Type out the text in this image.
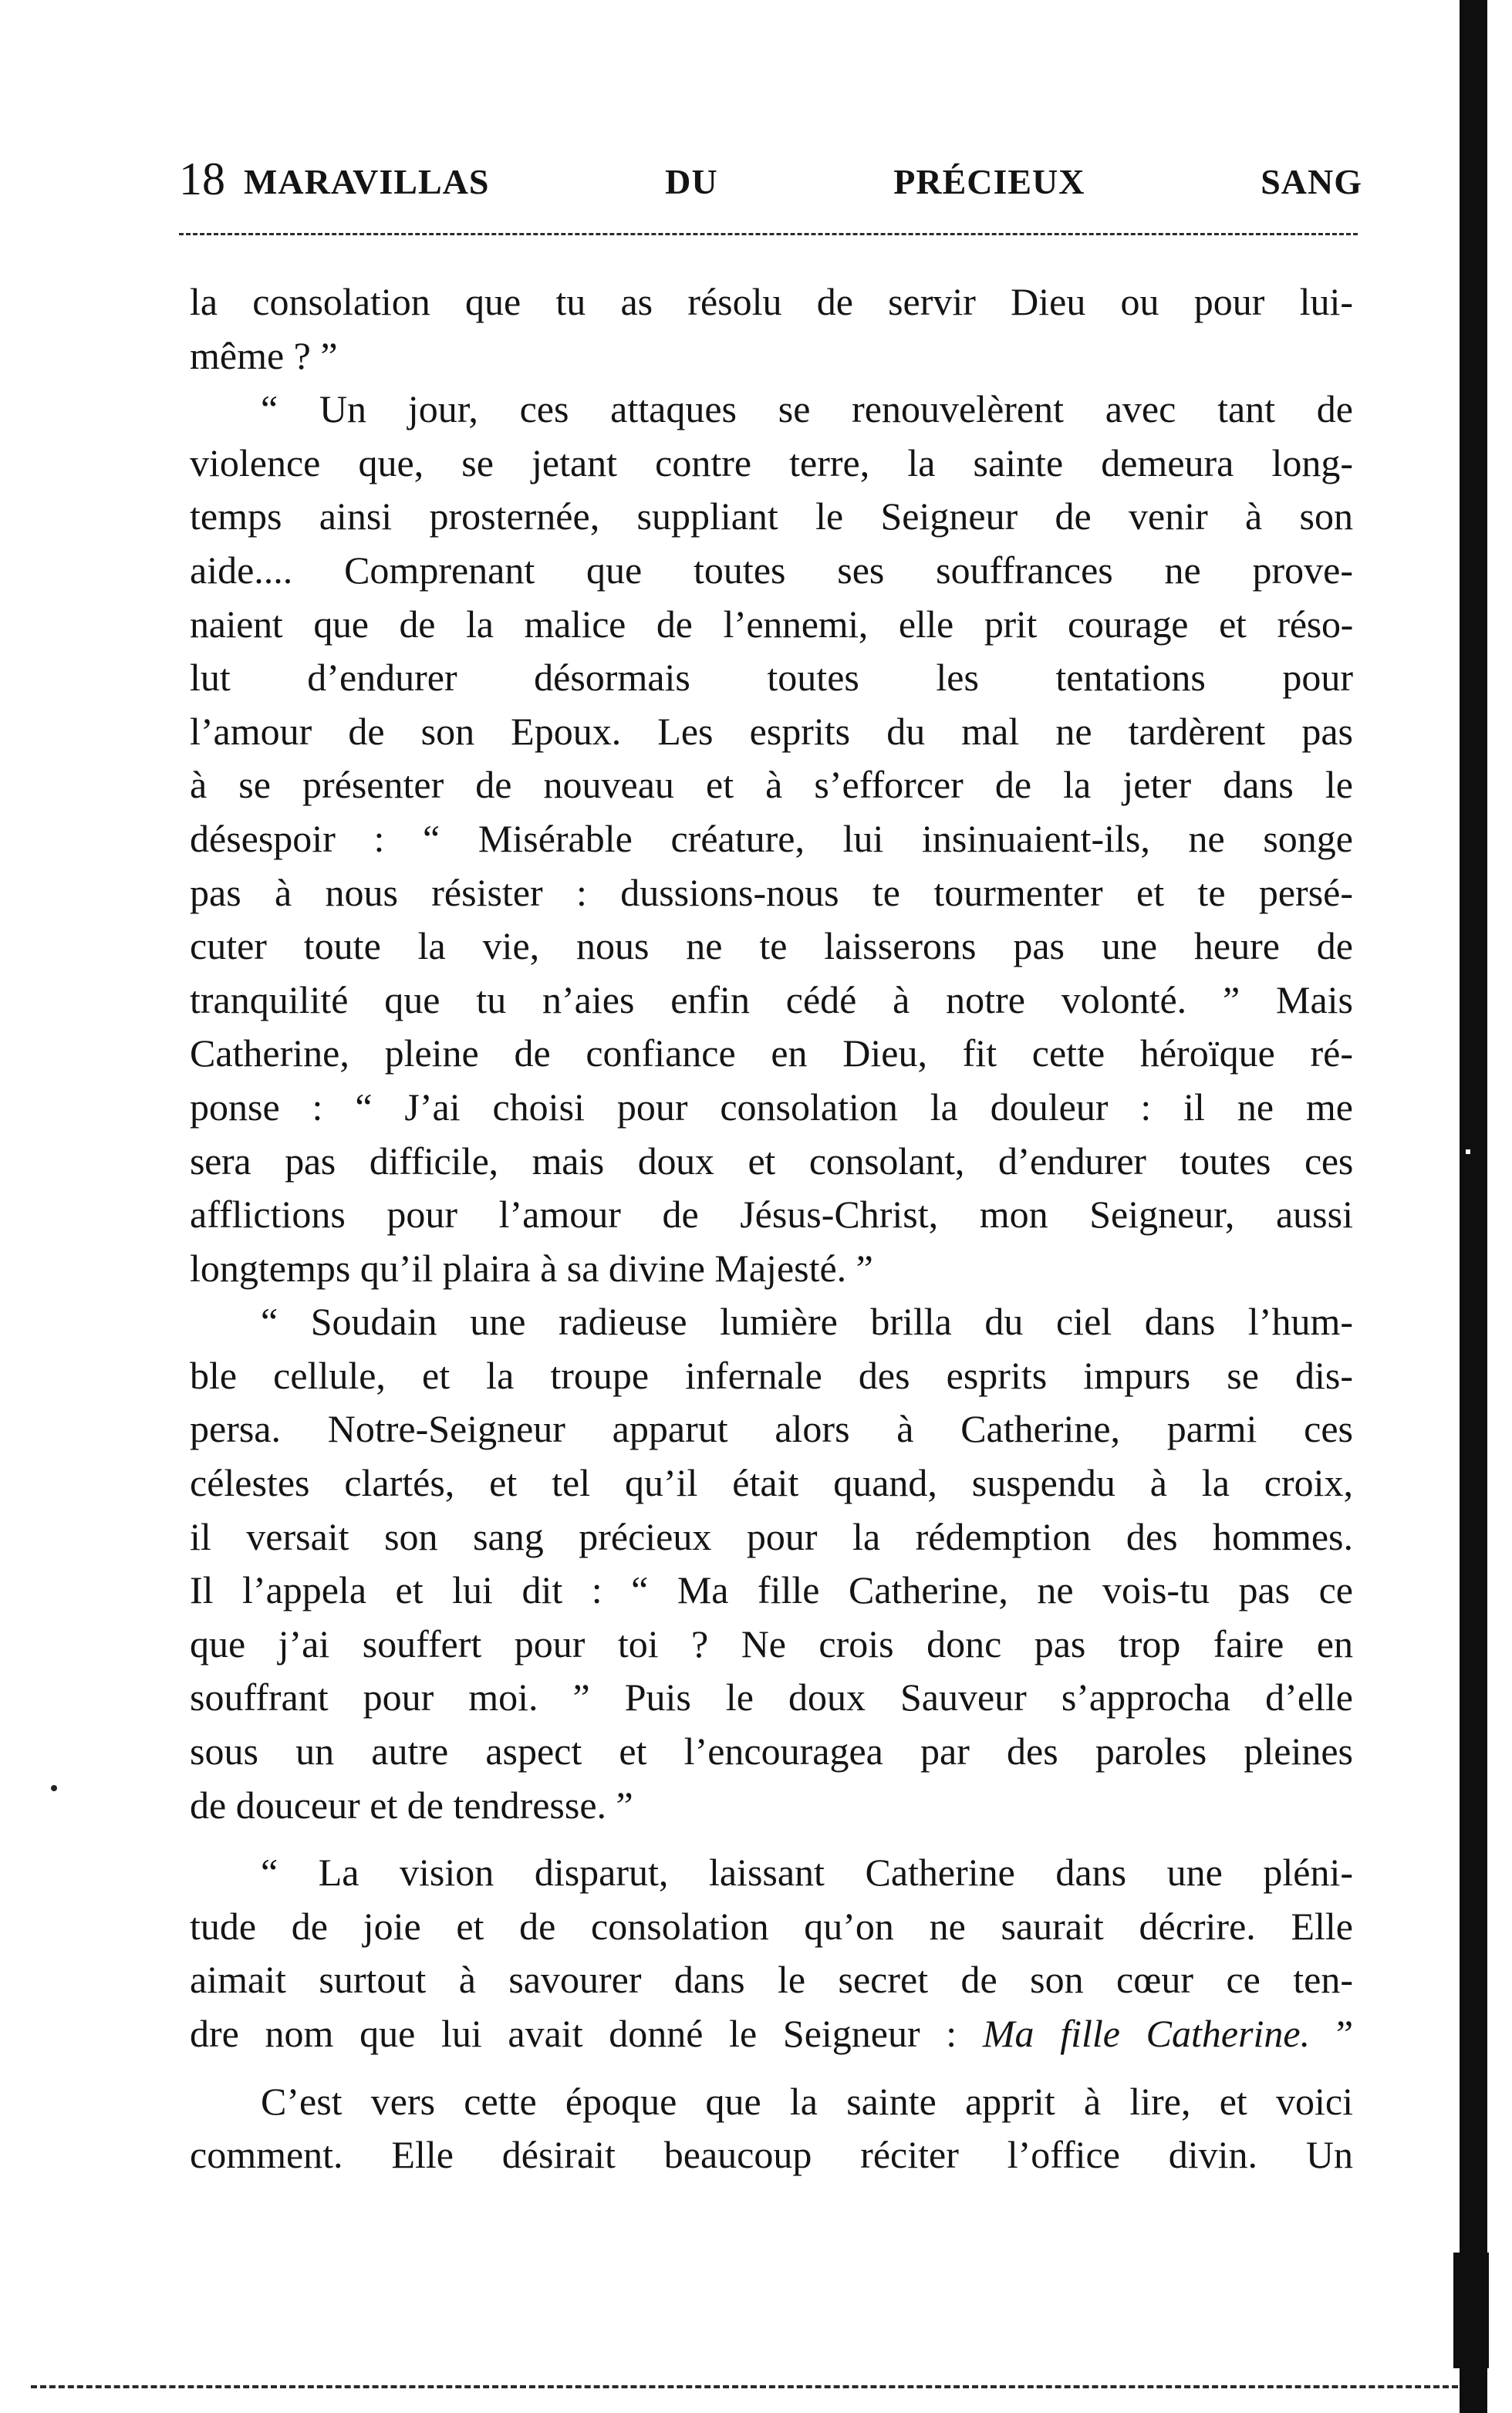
18 MARAVILLAS DU PRÉCIEUX SANG
la consolation que tu as résolu de servir Dieu ou pour lui-
même ? ”
“ Un jour, ces attaques se renouvelèrent avec tant de
violence que, se jetant contre terre, la sainte demeura long-
temps ainsi prosternée, suppliant le Seigneur de venir à son
aide.... Comprenant que toutes ses souffrances ne prove-
naient que de la malice de l’ennemi, elle prit courage et réso-
lut d’endurer désormais toutes les tentations pour
l’amour de son Epoux. Les esprits du mal ne tardèrent pas
à se présenter de nouveau et à s’efforcer de la jeter dans le
désespoir : “ Misérable créature, lui insinuaient-ils, ne songe
pas à nous résister : dussions-nous te tourmenter et te persé-
cuter toute la vie, nous ne te laisserons pas une heure de
tranquilité que tu n’aies enfin cédé à notre volonté. ” Mais
Catherine, pleine de confiance en Dieu, fit cette héroïque ré-
ponse : “ J’ai choisi pour consolation la douleur : il ne me
sera pas difficile, mais doux et consolant, d’endurer toutes ces
afflictions pour l’amour de Jésus-Christ, mon Seigneur, aussi
longtemps qu’il plaira à sa divine Majesté. ”
“ Soudain une radieuse lumière brilla du ciel dans l’hum-
ble cellule, et la troupe infernale des esprits impurs se dis-
persa. Notre-Seigneur apparut alors à Catherine, parmi ces
célestes clartés, et tel qu’il était quand, suspendu à la croix,
il versait son sang précieux pour la rédemption des hommes.
Il l’appela et lui dit : “ Ma fille Catherine, ne vois-tu pas ce
que j’ai souffert pour toi ? Ne crois donc pas trop faire en
souffrant pour moi. ” Puis le doux Sauveur s’approcha d’elle
sous un autre aspect et l’encouragea par des paroles pleines
de douceur et de tendresse. ”
“ La vision disparut, laissant Catherine dans une pléni-
tude de joie et de consolation qu’on ne saurait décrire. Elle
aimait surtout à savourer dans le secret de son cœur ce ten-
dre nom que lui avait donné le Seigneur : Ma fille Catherine. ”
C’est vers cette époque que la sainte apprit à lire, et voici
comment. Elle désirait beaucoup réciter l’office divin. Un
